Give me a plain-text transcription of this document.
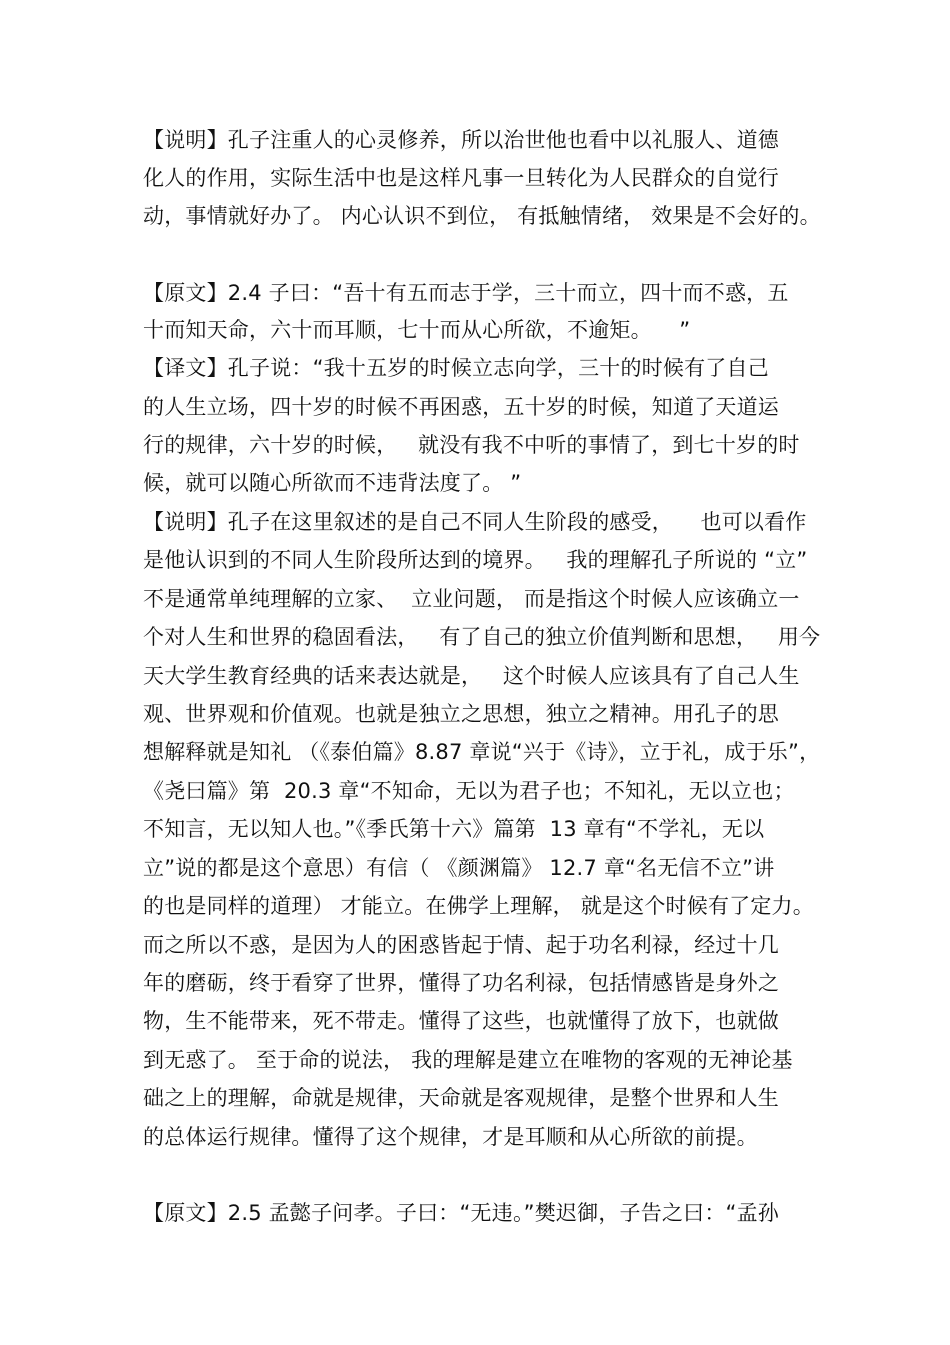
【说明】孔子注重人的心灵修养，所以治世他也看中以礼服人、道德
化人的作用，实际生活中也是这样凡事一旦转化为人民群众的自觉行
动，事情就好办了。 内心认识不到位， 有抵触情绪， 效果是不会好的。
【原文】2.4 子曰：“吾十有五而志于学，三十而立，四十而不惑，五
十而知天命，六十而耳顺，七十而从心所欲，不逾矩。    ”
【译文】孔子说：“我十五岁的时候立志向学，三十的时候有了自己
的人生立场，四十岁的时候不再困惑，五十岁的时候，知道了天道运
行的规律，六十岁的时候，   就没有我不中听的事情了，到七十岁的时
候，就可以随心所欲而不违背法度了。 ”
【说明】孔子在这里叙述的是自己不同人生阶段的感受，    也可以看作
是他认识到的不同人生阶段所达到的境界。   我的理解孔子所说的 “立”
不是通常单纯理解的立家、  立业问题， 而是指这个时候人应该确立一
个对人生和世界的稳固看法，   有了自己的独立价值判断和思想，   用今
天大学生教育经典的话来表达就是，   这个时候人应该具有了自己人生
观、世界观和价值观。也就是独立之思想，独立之精神。用孔子的思
想解释就是知礼 （《泰伯篇》8.87 章说“兴于《诗》，立于礼，成于乐”，
《尧曰篇》第  20.3 章“不知命，无以为君子也；不知礼，无以立也；
不知言，无以知人也。”《季氏第十六》篇第  13 章有“不学礼，无以
立”说的都是这个意思）有信（ 《颜渊篇》 12.7 章“名无信不立”讲
的也是同样的道理） 才能立。在佛学上理解， 就是这个时候有了定力。
而之所以不惑，是因为人的困惑皆起于情、起于功名利禄，经过十几
年的磨砺，终于看穿了世界，懂得了功名利禄，包括情感皆是身外之
物，生不能带来，死不带走。懂得了这些，也就懂得了放下，也就做
到无惑了。 至于命的说法， 我的理解是建立在唯物的客观的无神论基
础之上的理解，命就是规律，天命就是客观规律，是整个世界和人生
的总体运行规律。懂得了这个规律，才是耳顺和从心所欲的前提。
【原文】2.5 孟懿子问孝。子曰：“无违。”樊迟御，子告之曰：“孟孙
